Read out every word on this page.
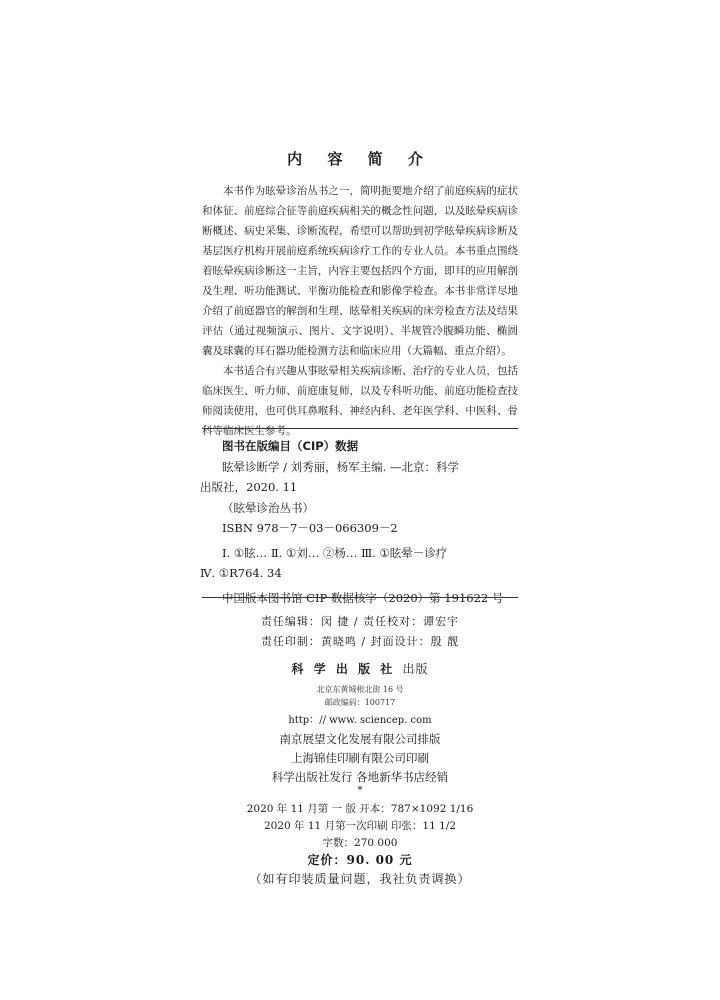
内 容 简 介

本书作为眩晕诊治丛书之一，简明扼要地介绍了前庭疾病的症状和体征、前庭综合征等前庭疾病相关的概念性问题，以及眩晕疾病诊断概述、病史采集、诊断流程，希望可以帮助到初学眩晕疾病诊断及基层医疗机构开展前庭系统疾病诊疗工作的专业人员。本书重点围绕着眩晕疾病诊断这一主旨，内容主要包括四个方面，即耳的应用解剖及生理、听功能测试、平衡功能检查和影像学检查。本书非常详尽地介绍了前庭器官的解剖和生理、眩晕相关疾病的床旁检查方法及结果评估（通过视频演示、图片、文字说明）、半规管冷腹瞬功能、椭圆囊及球囊的耳石器功能检测方法和临床应用（大篇幅、重点介绍）。

本书适合有兴趣从事眩晕相关疾病诊断、治疗的专业人员，包括临床医生、听力师、前庭康复师，以及专科听功能、前庭功能检查技师阅读使用，也可供耳鼻喉科、神经内科、老年医学科、中医科、骨科等临床医生参考。

图书在版编目（CIP）数据
眩晕诊断学 / 刘秀丽，杨军主编. —北京：科学
出版社，2020. 11
（眩晕诊治丛书）
ISBN 978－7－03－066309－2
Ⅰ. ①眩… Ⅱ. ①刘… ②杨… Ⅲ. ①眩晕－诊疗
Ⅳ. ①R764. 34
中国版本图书馆 CIP 数据核字（2020）第 191622 号
责任编辑：闵 捷 / 责任校对：谭宏宇
责任印制：黄晓鸣 / 封面设计：殷 靓
科 学 出 版 社 出版
北京东黄城根北街 16 号
邮政编码：100717
http：// www. sciencep. com
南京展望文化发展有限公司排版
上海锦佳印刷有限公司印刷
科学出版社发行 各地新华书店经销
*
2020 年 11 月第 一 版 开本：787×1092 1/16
2020 年 11 月第一次印刷 印张：11 1/2
字数：270 000
定价：90. 00 元
（如有印装质量问题，我社负责调换）
